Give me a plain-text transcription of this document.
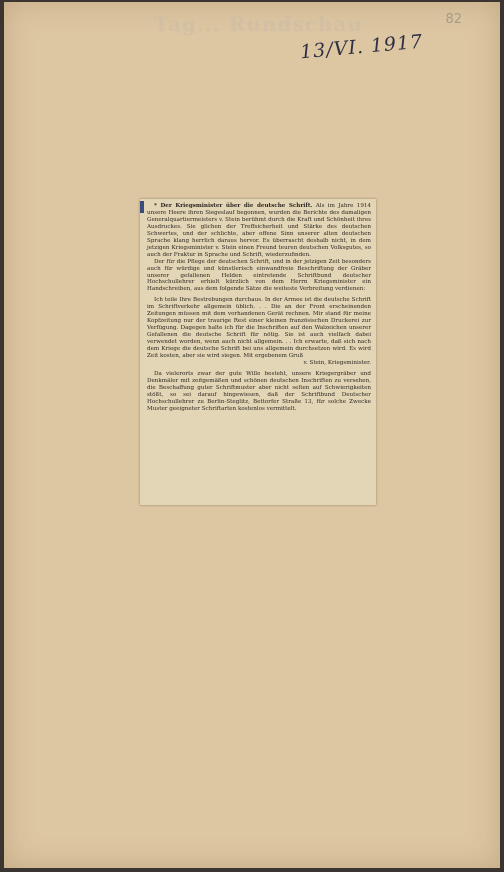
Tag... Rundschau	82
13/VI. 1917

* Der Kriegsminister über die deutsche Schrift. Als im Jahre 1914 unsere Heere ihren Siegeslauf begonnen, wurden die Berichte des damaligen Generalquartiermeisters v. Stein berühmt durch die Kraft und Schönheit ihres Ausdruckes. Sie glichen der Treffsicherheit und Stärke des deutschen Schwertes, und der schlichte, aber offene Sinn unserer alten deutschen Sprache klang herrlich daraus hervor. Es überrascht deshalb nicht, in dem jetzigen Kriegsminister v. Stein einen Freund teuren deutschen Volksgutes, so auch der Fraktur in Sprache und Schrift, wiederzufinden.

Der für die Pflege der deutschen Schrift, und in der jetzigen Zeit besonders auch für würdige und künstlerisch einwandfreie Beschriftung der Gräber unserer gefallenen Helden eintretende Schriftbund deutscher Hochschullehrer erhielt kürzlich von dem Herrn Kriegsminister ein Handschreiben, aus dem folgende Sätze die weiteste Verbreitung verdienen:

Ich teile Ihre Bestrebungen durchaus. In der Armee ist die deutsche Schrift im Schriftverkehr allgemein üblich. . . Die an der Front erscheinenden Zeitungen müssen mit dem vorhandenen Gerät rechnen. Mir stand für meine Kopfzeitung nur der traurige Rest einer kleinen französischen Druckerei zur Verfügung. Dagegen halte ich für die Inschriften auf den Walzeichen unserer Gefallenen die deutsche Schrift für nötig. Sie ist auch vielfach dabei verwendet worden, wenn auch nicht allgemein. . . Ich erwarte, daß sich nach dem Kriege die deutsche Schrift bei uns allgemein durchsetzen wird. Es wird Zeit kosten, aber sie wird siegen. Mit ergebenem Gruß

v. Stein, Kriegsminister.

Da vielerorts zwar der gute Wille besteht, unsere Kriegergräber und Denkmäler mit zeitgemäßen und schönen deutschen Inschriften zu versehen, die Beschaffung guter Schriftmuster aber nicht selten auf Schwierigkeiten stößt, so sei darauf hingewiesen, daß der Schriftbund Deutscher Hochschullehrer zu Berlin-Steglitz, Bettorfer Straße 13, für solche Zwecke Muster geeigneter Schriftarten kostenlos vermittelt.
